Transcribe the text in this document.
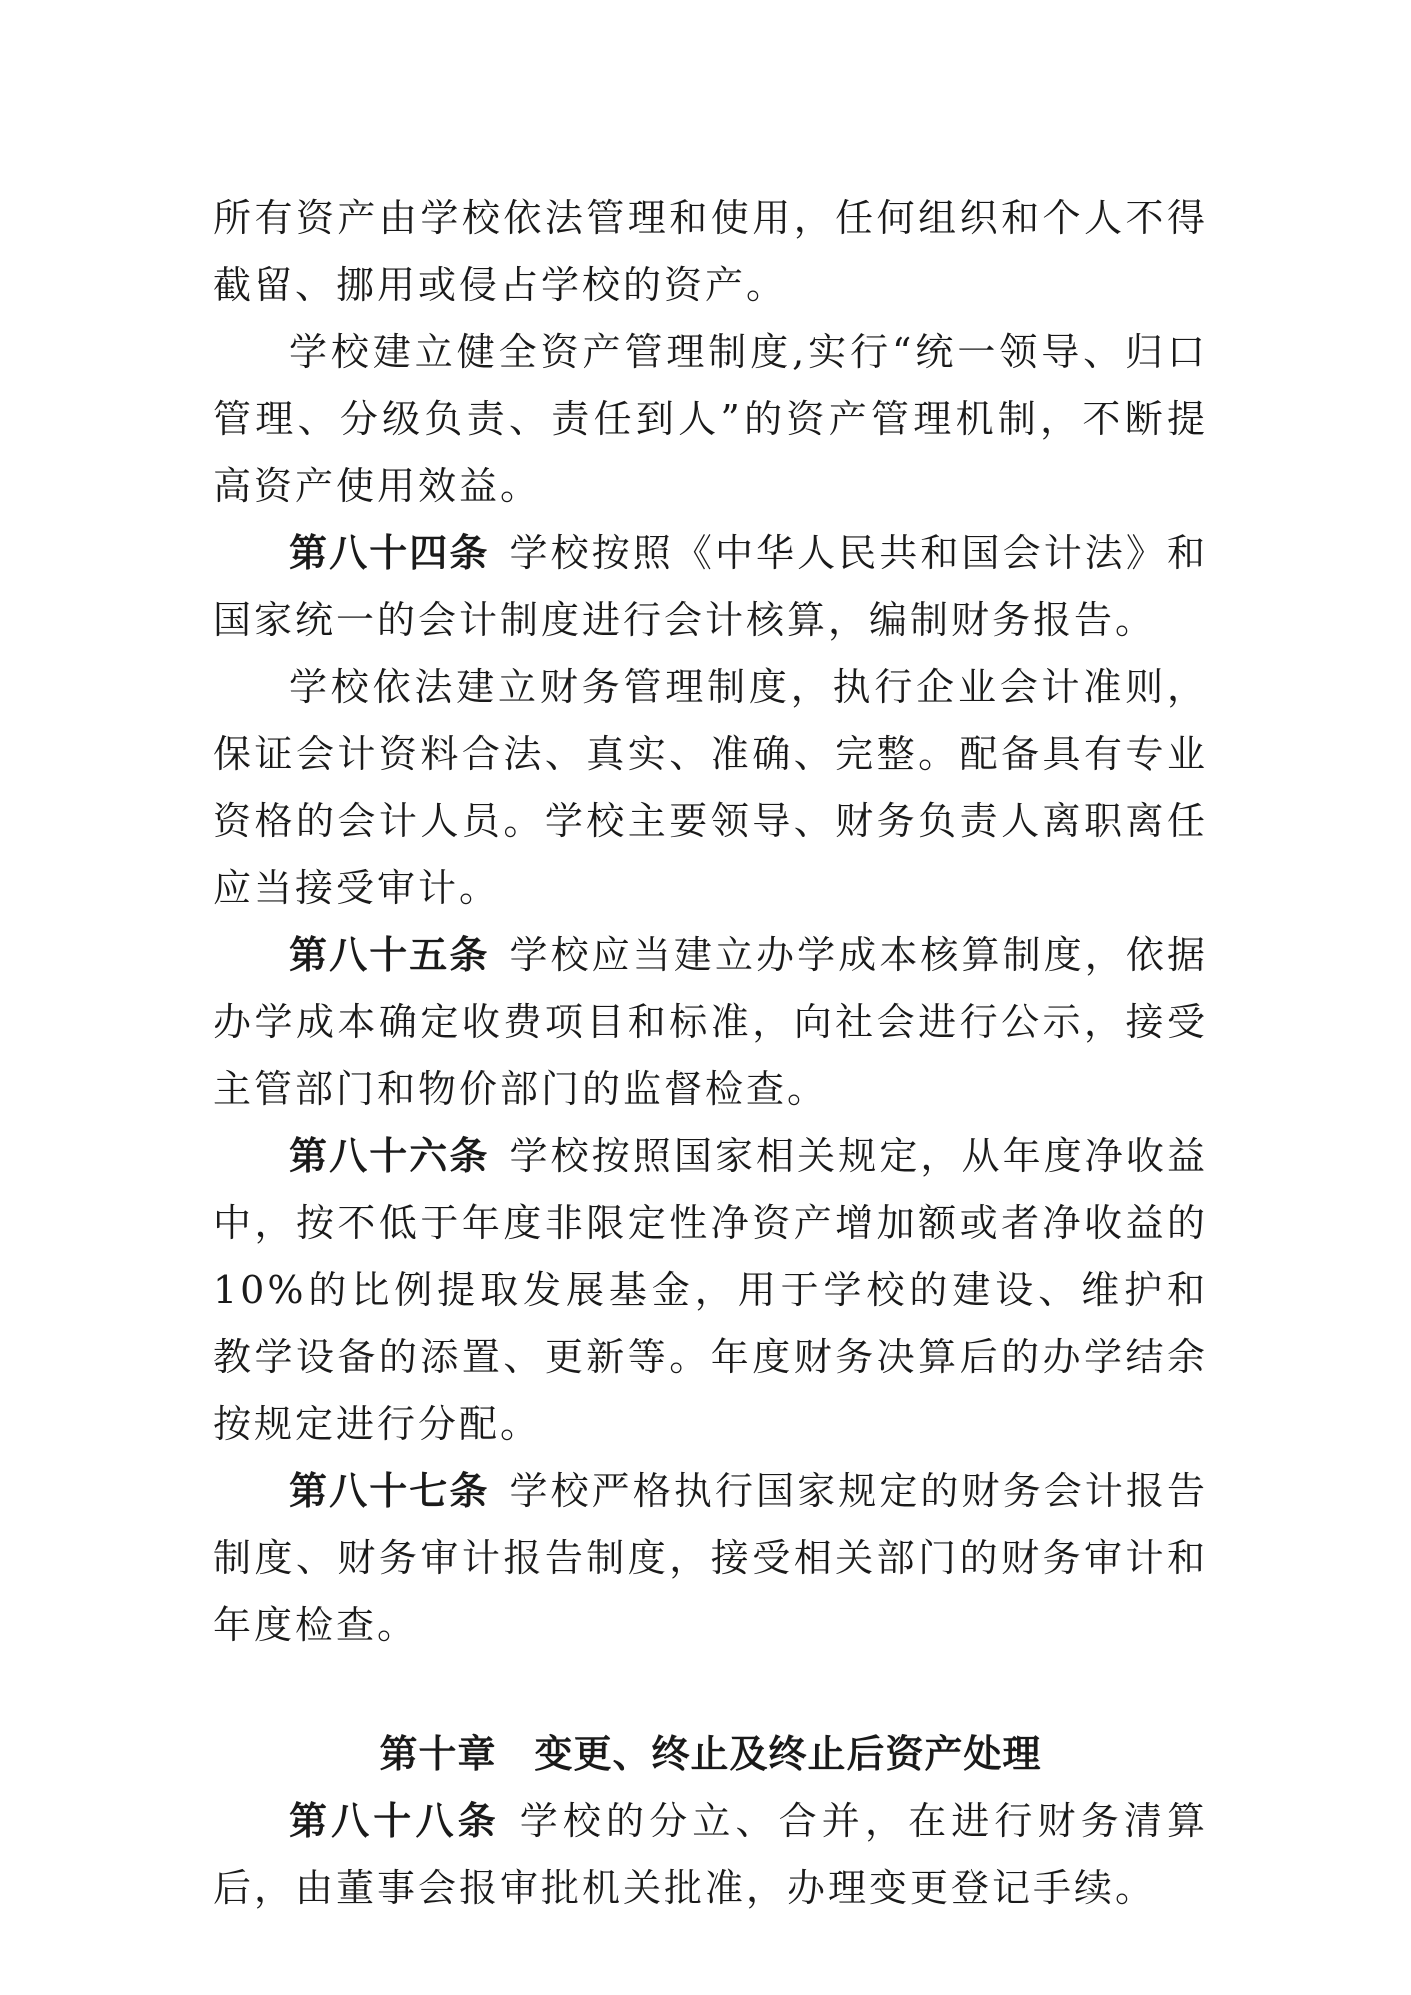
所有资产由学校依法管理和使用，任何组织和个人不得截留、挪用或侵占学校的资产。

学校建立健全资产管理制度,实行“统一领导、归口管理、分级负责、责任到人”的资产管理机制，不断提高资产使用效益。

第八十四条 学校按照《中华人民共和国会计法》和国家统一的会计制度进行会计核算，编制财务报告。

学校依法建立财务管理制度，执行企业会计准则，保证会计资料合法、真实、准确、完整。配备具有专业资格的会计人员。学校主要领导、财务负责人离职离任应当接受审计。

第八十五条 学校应当建立办学成本核算制度，依据办学成本确定收费项目和标准，向社会进行公示，接受主管部门和物价部门的监督检查。

第八十六条 学校按照国家相关规定，从年度净收益中，按不低于年度非限定性净资产增加额或者净收益的10%的比例提取发展基金，用于学校的建设、维护和教学设备的添置、更新等。年度财务决算后的办学结余按规定进行分配。

第八十七条 学校严格执行国家规定的财务会计报告制度、财务审计报告制度，接受相关部门的财务审计和年度检查。

第十章 变更、终止及终止后资产处理

第八十八条 学校的分立、合并，在进行财务清算后，由董事会报审批机关批准，办理变更登记手续。
